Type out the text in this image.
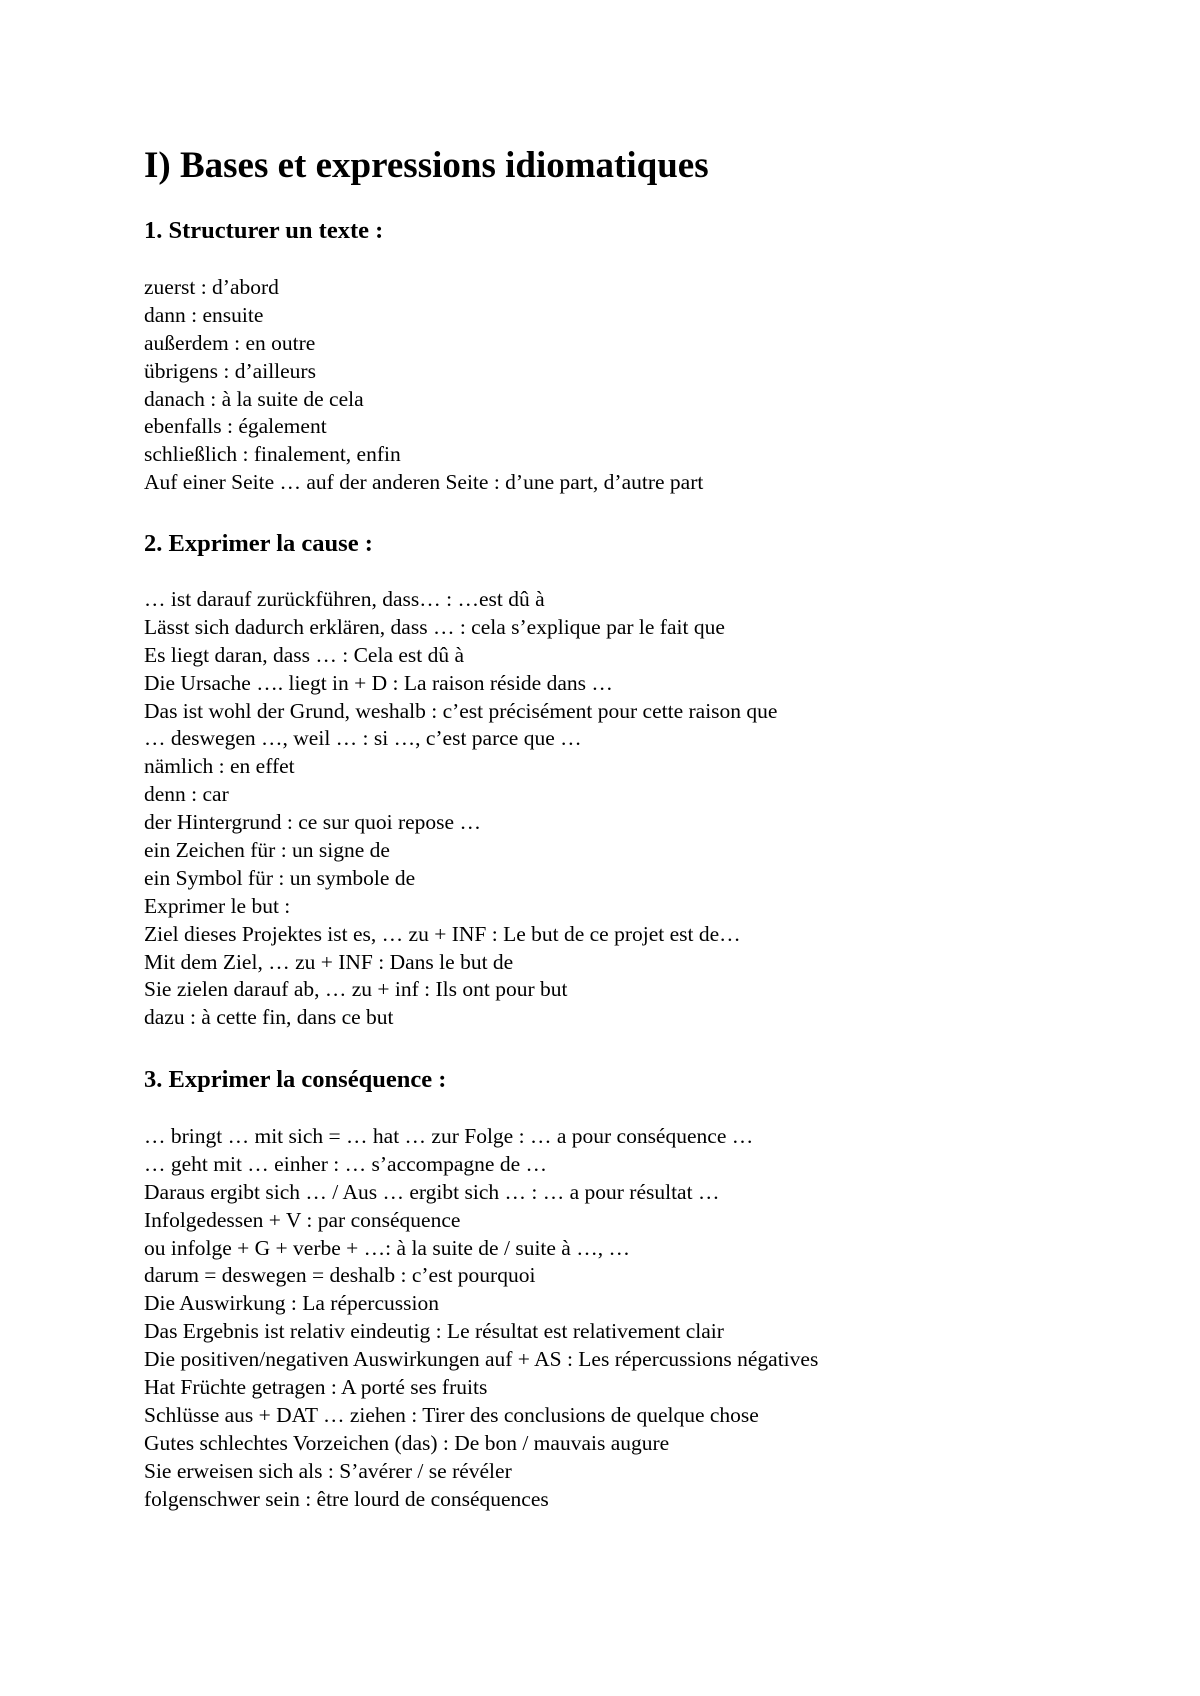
I) Bases et expressions idiomatiques
1. Structurer un texte :
zuerst : d’abord
dann : ensuite
außerdem : en outre
übrigens : d’ailleurs
danach : à la suite de cela
ebenfalls : également
schließlich : finalement, enfin
Auf einer Seite … auf der anderen Seite : d’une part, d’autre part
2. Exprimer la cause :
… ist darauf zurückführen, dass… : …est dû à
Lässt sich dadurch erklären, dass … : cela s’explique par le fait que
Es liegt daran, dass … : Cela est dû à
Die Ursache …. liegt in + D : La raison réside dans …
Das ist wohl der Grund, weshalb : c’est précisément pour cette raison que
… deswegen …, weil … : si …, c’est parce que …
nämlich : en effet
denn : car
der Hintergrund : ce sur quoi repose …
ein Zeichen für : un signe de
ein Symbol für : un symbole de
Exprimer le but :
Ziel dieses Projektes ist es, … zu + INF : Le but de ce projet est de…
Mit dem Ziel, … zu + INF : Dans le but de
Sie zielen darauf ab, … zu + inf : Ils ont pour but
dazu : à cette fin, dans ce but
3. Exprimer la conséquence :
… bringt … mit sich = … hat … zur Folge : … a pour conséquence …
… geht mit … einher : … s’accompagne de …
Daraus ergibt sich … / Aus … ergibt sich … : … a pour résultat …
Infolgedessen + V : par conséquence
ou infolge + G + verbe + …: à la suite de / suite à …, …
darum = deswegen = deshalb : c’est pourquoi
Die Auswirkung : La répercussion
Das Ergebnis ist relativ eindeutig : Le résultat est relativement clair
Die positiven/negativen Auswirkungen auf + AS : Les répercussions négatives
Hat Früchte getragen : A porté ses fruits
Schlüsse aus + DAT … ziehen : Tirer des conclusions de quelque chose
Gutes schlechtes Vorzeichen (das) : De bon / mauvais augure
Sie erweisen sich als : S’avérer / se révéler
folgenschwer sein : être lourd de conséquences
